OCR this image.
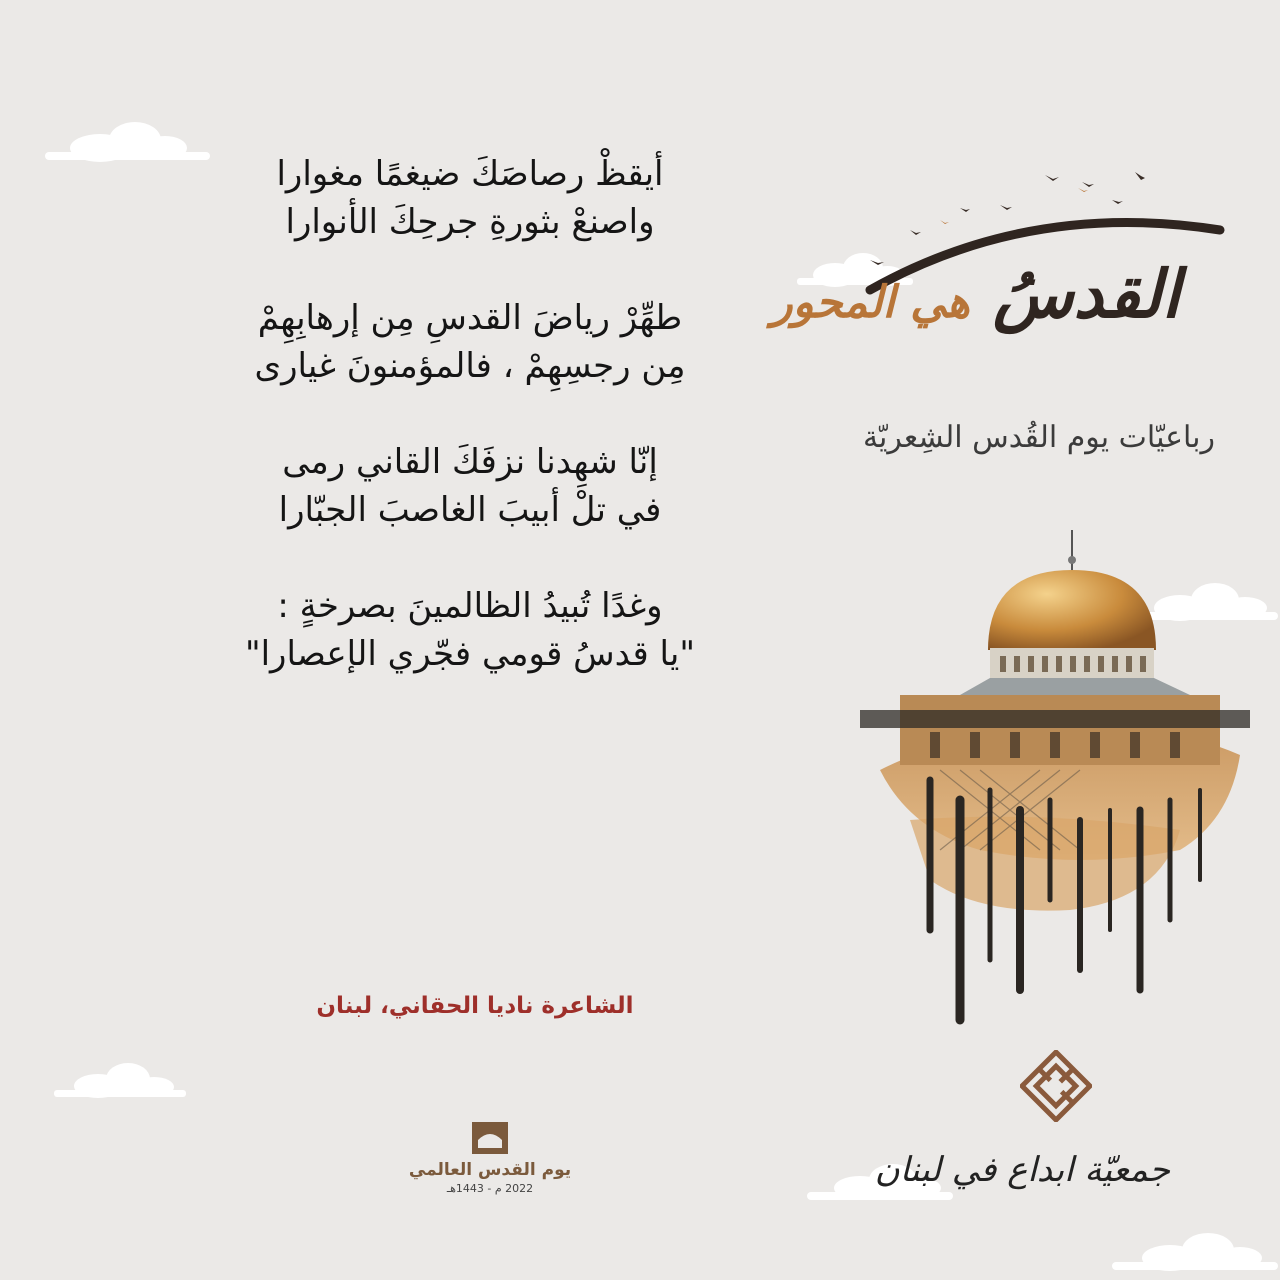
أيقظْ رصاصَكَ ضيغمًا مغوارا
واصنعْ بثورةِ جرحِكَ الأنوارا
طهِّرْ رياضَ القدسِ مِن إرهابِهِمْ
مِن رجسِهِمْ ، فالمؤمنونَ غيارى
إنّا شهِدنا نزفَكَ القاني رمى
في تلْ أبيبَ الغاصبَ الجبّارا
وغدًا تُبيدُ الظالمينَ بصرخةٍ :
"يا قدسُ قومي فجّري الإعصارا"
الشاعرة ناديا الحقاني، لبنان
يوم القدس العالمي
2022 م - 1443هـ
القدسُ هي المحور
رباعيّات يوم القُدس الشِعريّة
جمعيّة ابداع في لبنان
